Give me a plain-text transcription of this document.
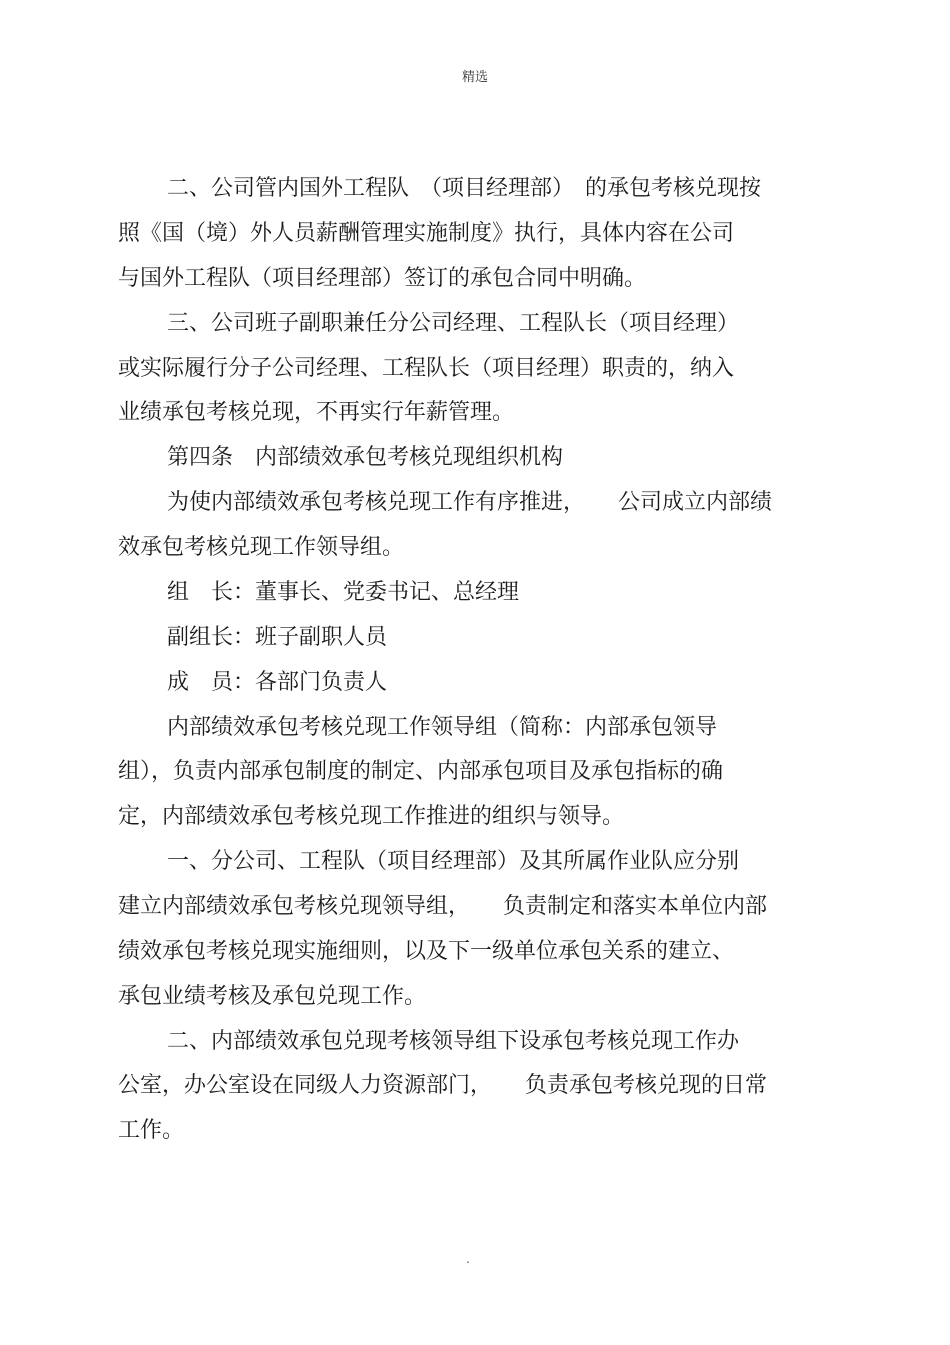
精选
二、公司管内国外工程队　（项目经理部）　的承包考核兑现按
照《国（境）外人员薪酬管理实施制度》执行，具体内容在公司
与国外工程队（项目经理部）签订的承包合同中明确。
三、公司班子副职兼任分公司经理、工程队长（项目经理）
或实际履行分子公司经理、工程队长（项目经理）职责的，纳入
业绩承包考核兑现，不再实行年薪管理。
第四条　内部绩效承包考核兑现组织机构
为使内部绩效承包考核兑现工作有序推进，　　公司成立内部绩
效承包考核兑现工作领导组。
组　长：董事长、党委书记、总经理
副组长：班子副职人员
成　员：各部门负责人
内部绩效承包考核兑现工作领导组（简称：内部承包领导
组），负责内部承包制度的制定、内部承包项目及承包指标的确
定，内部绩效承包考核兑现工作推进的组织与领导。
一、分公司、工程队（项目经理部）及其所属作业队应分别
建立内部绩效承包考核兑现领导组，　　负责制定和落实本单位内部
绩效承包考核兑现实施细则，以及下一级单位承包关系的建立、
承包业绩考核及承包兑现工作。
二、内部绩效承包兑现考核领导组下设承包考核兑现工作办
公室，办公室设在同级人力资源部门，　　负责承包考核兑现的日常
工作。
.
